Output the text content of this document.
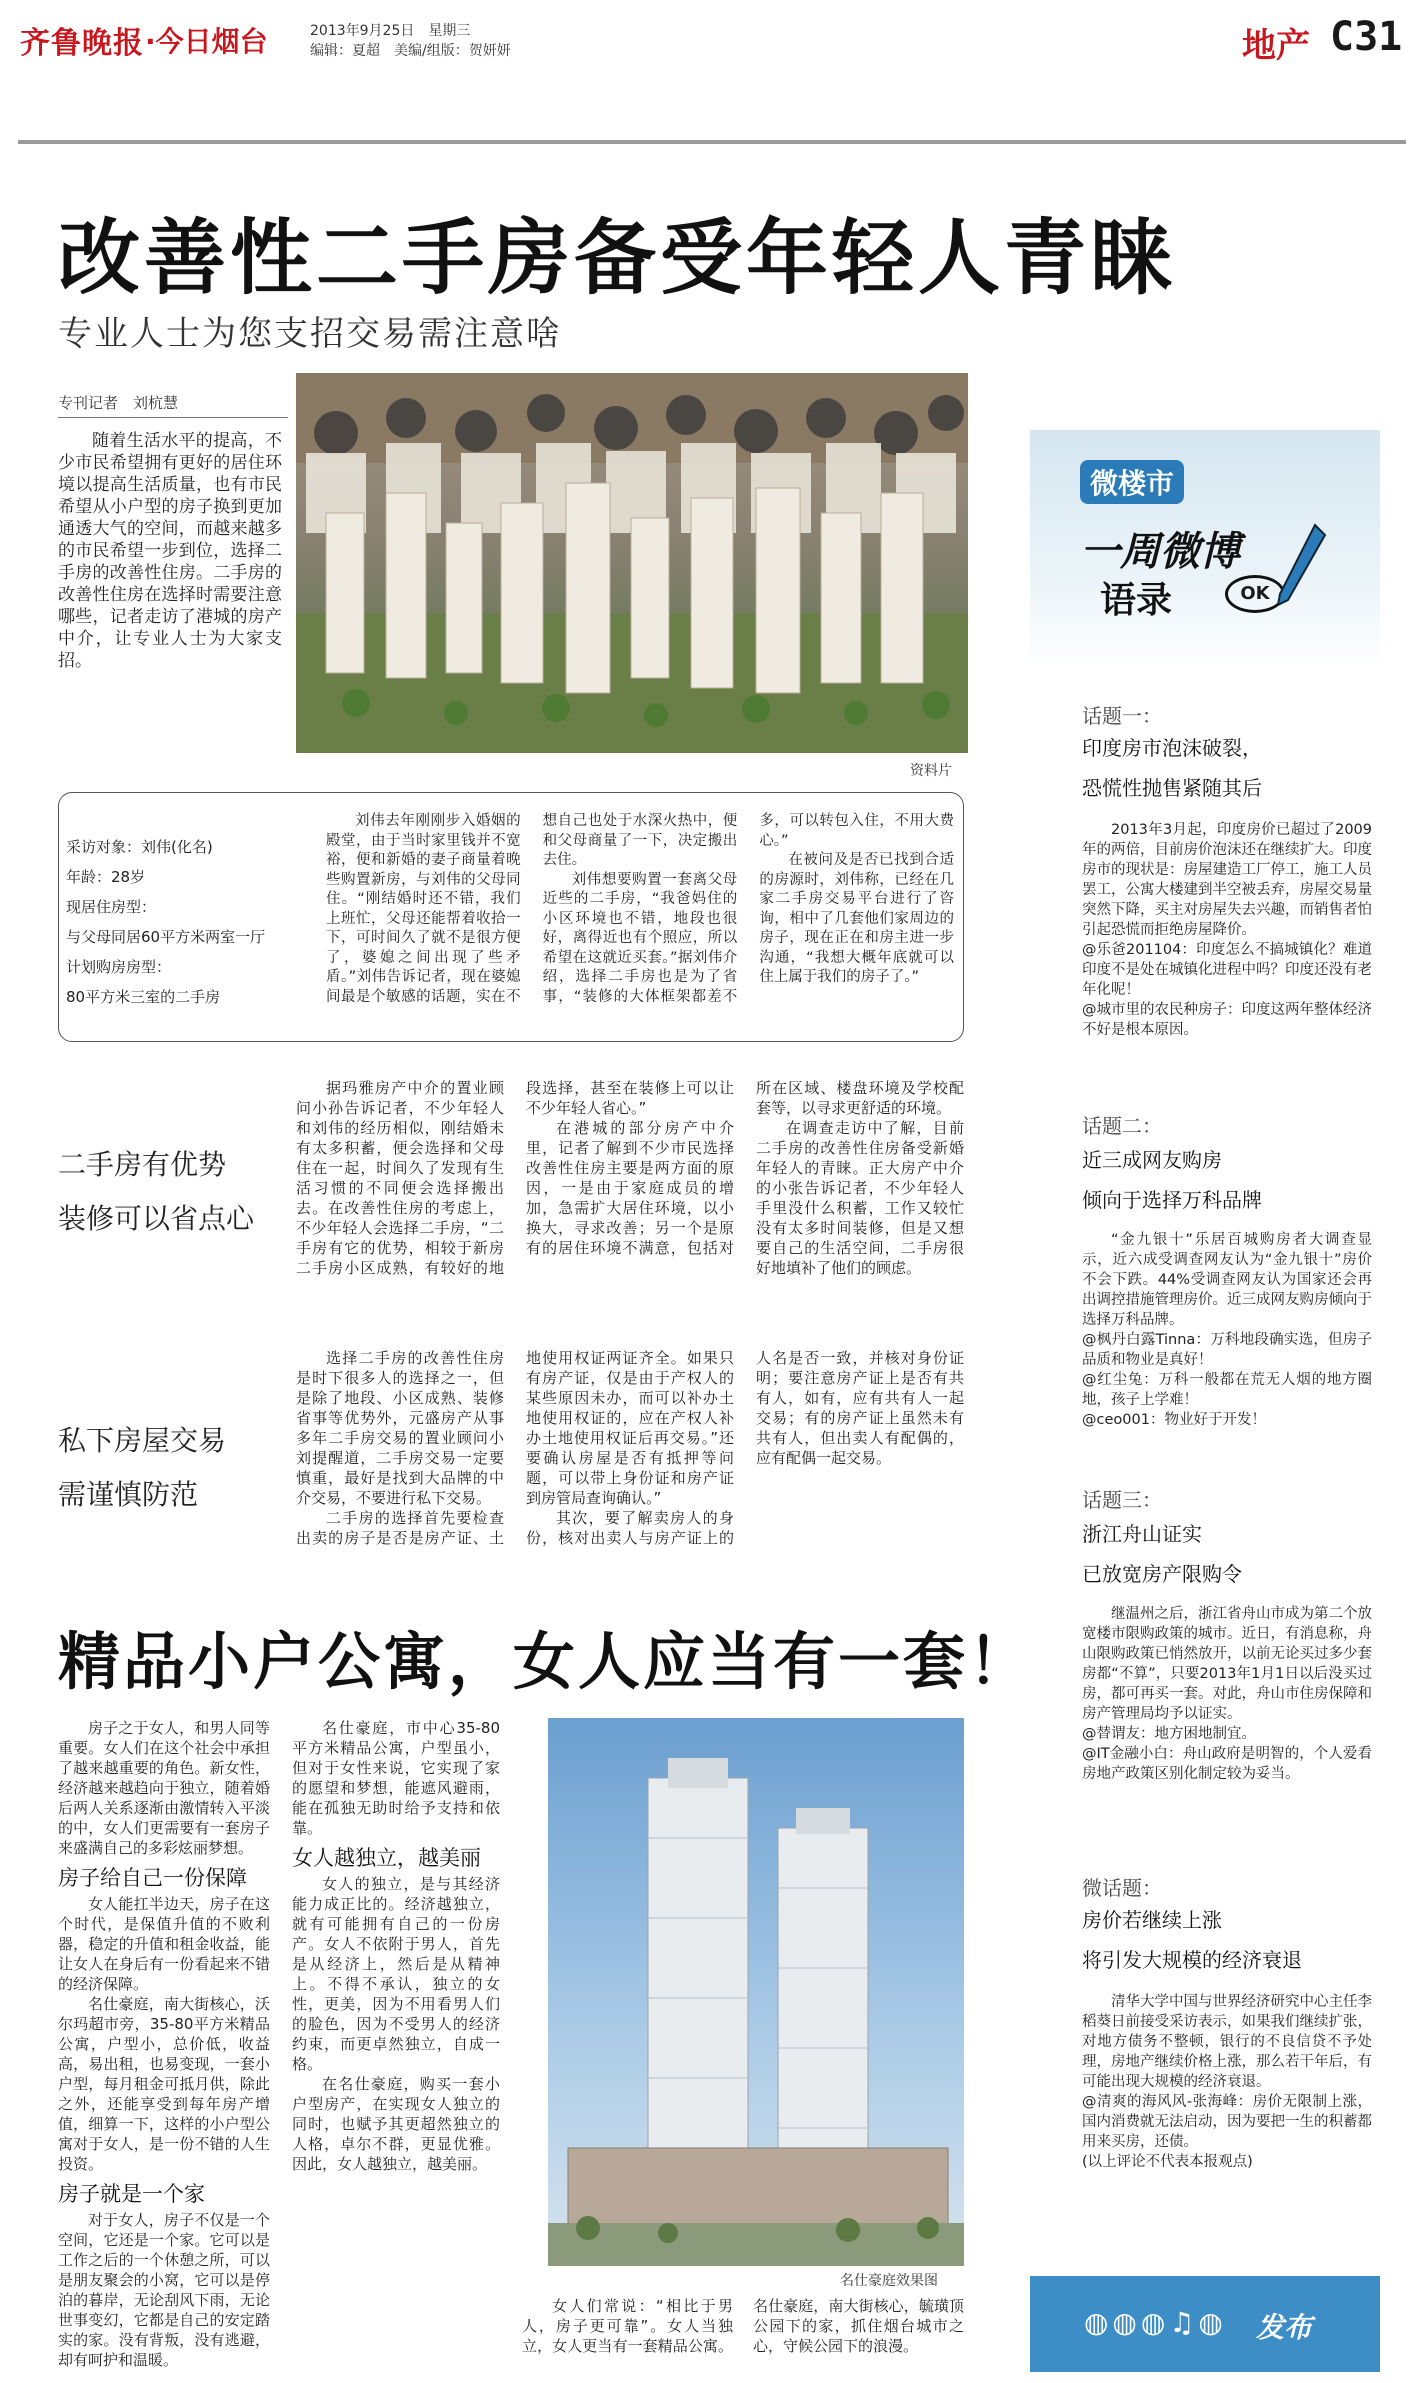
齐鲁晚报 ·今日烟台	2013年9月25日　星期三
编辑：夏超　美编/组版：贺妍妍	地产 C31
改善性二手房备受年轻人青睐
专业人士为您支招交易需注意啥
专刊记者　刘杭慧

随着生活水平的提高，不少市民希望拥有更好的居住环境以提高生活质量，也有市民希望从小户型的房子换到更加通透大气的空间，而越来越多的市民希望一步到位，选择二手房的改善性住房。二手房的改善性住房在选择时需要注意哪些，记者走访了港城的房产中介，让专业人士为大家支招。

资料片
采访对象：刘伟(化名)
年龄：28岁
现居住房型：
与父母同居60平方米两室一厅
计划购房房型：
80平方米三室的二手房

刘伟去年刚刚步入婚姻的殿堂，由于当时家里钱并不宽裕，便和新婚的妻子商量着晚些购置新房，与刘伟的父母同住。“刚结婚时还不错，我们上班忙，父母还能帮着收拾一下，可时间久了就不是很方便了，婆媳之间出现了些矛盾。”刘伟告诉记者，现在婆媳间最是个敏感的话题，实在不想自己也处于水深火热中，便和父母商量了一下，决定搬出去住。

刘伟想要购置一套离父母近些的二手房，“我爸妈住的小区环境也不错，地段也很好，离得近也有个照应，所以希望在这就近买套。”据刘伟介绍，选择二手房也是为了省事，“装修的大体框架都差不多，可以转包入住，不用大费心。”

在被问及是否已找到合适的房源时，刘伟称，已经在几家二手房交易平台进行了咨询，相中了几套他们家周边的房子，现在正在和房主进一步沟通，“我想大概年底就可以住上属于我们的房子了。”

二手房有优势
装修可以省点心

据玛雅房产中介的置业顾问小孙告诉记者，不少年轻人和刘伟的经历相似，刚结婚未有太多积蓄，便会选择和父母住在一起，时间久了发现有生活习惯的不同便会选择搬出去。在改善性住房的考虑上，不少年轻人会选择二手房，“二手房有它的优势，相较于新房二手房小区成熟，有较好的地段选择，甚至在装修上可以让不少年轻人省心。”

在港城的部分房产中介里，记者了解到不少市民选择改善性住房主要是两方面的原因，一是由于家庭成员的增加，急需扩大居住环境，以小换大，寻求改善；另一个是原有的居住环境不满意，包括对所在区域、楼盘环境及学校配套等，以寻求更舒适的环境。

在调查走访中了解，目前二手房的改善性住房备受新婚年轻人的青睐。正大房产中介的小张告诉记者，不少年轻人手里没什么积蓄，工作又较忙没有太多时间装修，但是又想要自己的生活空间，二手房很好地填补了他们的顾虑。

私下房屋交易
需谨慎防范

选择二手房的改善性住房是时下很多人的选择之一，但是除了地段、小区成熟、装修省事等优势外，元盛房产从事多年二手房交易的置业顾问小刘提醒道，二手房交易一定要慎重，最好是找到大品牌的中介交易，不要进行私下交易。

二手房的选择首先要检查出卖的房子是否是房产证、土地使用权证两证齐全。如果只有房产证，仅是由于产权人的某些原因未办，而可以补办土地使用权证的，应在产权人补办土地使用权证后再交易。”还要确认房屋是否有抵押等问题，可以带上身份证和房产证到房管局查询确认。”

其次，要了解卖房人的身份，核对出卖人与房产证上的人名是否一致，并核对身份证明；要注意房产证上是否有共有人，如有，应有共有人一起交易；有的房产证上虽然未有共有人，但出卖人有配偶的，应有配偶一起交易。

微楼市
一周微博
语录	OK
话题一：
印度房市泡沫破裂，
恐慌性抛售紧随其后

2013年3月起，印度房价已超过了2009年的两倍，目前房价泡沫还在继续扩大。印度房市的现状是：房屋建造工厂停工，施工人员罢工，公寓大楼建到半空被丢弃，房屋交易量突然下降，买主对房屋失去兴趣，而销售者怕引起恐慌而拒绝房屋降价。

@乐爸201104：印度怎么不搞城镇化？难道印度不是处在城镇化进程中吗？印度还没有老年化呢！

@城市里的农民种房子：印度这两年整体经济不好是根本原因。

话题二：
近三成网友购房
倾向于选择万科品牌

“金九银十”乐居百城购房者大调查显示，近六成受调查网友认为“金九银十”房价不会下跌。44%受调查网友认为国家还会再出调控措施管理房价。近三成网友购房倾向于选择万科品牌。

@枫丹白露Tinna：万科地段确实选，但房子品质和物业是真好！

@红尘兔：万科一般都在荒无人烟的地方圈地，孩子上学难！

@ceo001：物业好于开发！

话题三：
浙江舟山证实
已放宽房产限购令

继温州之后，浙江省舟山市成为第二个放宽楼市限购政策的城市。近日，有消息称，舟山限购政策已悄然放开，以前无论买过多少套房都“不算”，只要2013年1月1日以后没买过房，都可再买一套。对此，舟山市住房保障和房产管理局均予以证实。

@替谓友：地方困地制宜。

@IT金融小白：舟山政府是明智的，个人爱看房地产政策区别化制定较为妥当。

微话题：
房价若继续上涨
将引发大规模的经济衰退

清华大学中国与世界经济研究中心主任李稻葵日前接受采访表示，如果我们继续扩张，对地方债务不整顿，银行的不良信贷不予处理，房地产继续价格上涨，那么若干年后，有可能出现大规模的经济衰退。

@清爽的海风风-张海峰：房价无限制上涨，国内消费就无法启动，因为要把一生的积蓄都用来买房，还债。

(以上评论不代表本报观点)

◍◍◍♫◍ 发布
精品小户公寓，女人应当有一套！

房子之于女人，和男人同等重要。女人们在这个社会中承担了越来越重要的角色。新女性，经济越来越趋向于独立，随着婚后两人关系逐渐由激情转入平淡的中，女人们更需要有一套房子来盛满自己的多彩炫丽梦想。

房子给自己一份保障

女人能扛半边天，房子在这个时代，是保值升值的不败利器，稳定的升值和租金收益，能让女人在身后有一份看起来不错的经济保障。

名仕豪庭，南大街核心，沃尔玛超市旁，35-80平方米精品公寓，户型小，总价低，收益高，易出租，也易变现，一套小户型，每月租金可抵月供，除此之外，还能享受到每年房产增值，细算一下，这样的小户型公寓对于女人，是一份不错的人生投资。

房子就是一个家

对于女人，房子不仅是一个空间，它还是一个家。它可以是工作之后的一个休憩之所，可以是朋友聚会的小窝，它可以是停泊的暮岸，无论刮风下雨，无论世事变幻，它都是自己的安定踏实的家。没有背叛，没有逃避，却有呵护和温暖。

名仕豪庭，市中心35-80平方米精品公寓，户型虽小，但对于女性来说，它实现了家的愿望和梦想，能遮风避雨，能在孤独无助时给予支持和依靠。

女人越独立，越美丽

女人的独立，是与其经济能力成正比的。经济越独立，就有可能拥有自己的一份房产。女人不依附于男人，首先是从经济上，然后是从精神上。不得不承认，独立的女性，更美，因为不用看男人们的脸色，因为不受男人的经济约束，而更卓然独立，自成一格。

在名仕豪庭，购买一套小户型房产，在实现女人独立的同时，也赋予其更超然独立的人格，卓尔不群，更显优雅。因此，女人越独立，越美丽。

名仕豪庭效果图

女人们常说：“相比于男人，房子更可靠”。女人当独立，女人更当有一套精品公寓。名仕豪庭，南大街核心，毓璜顶公园下的家，抓住烟台城市之心，守候公园下的浪漫。
